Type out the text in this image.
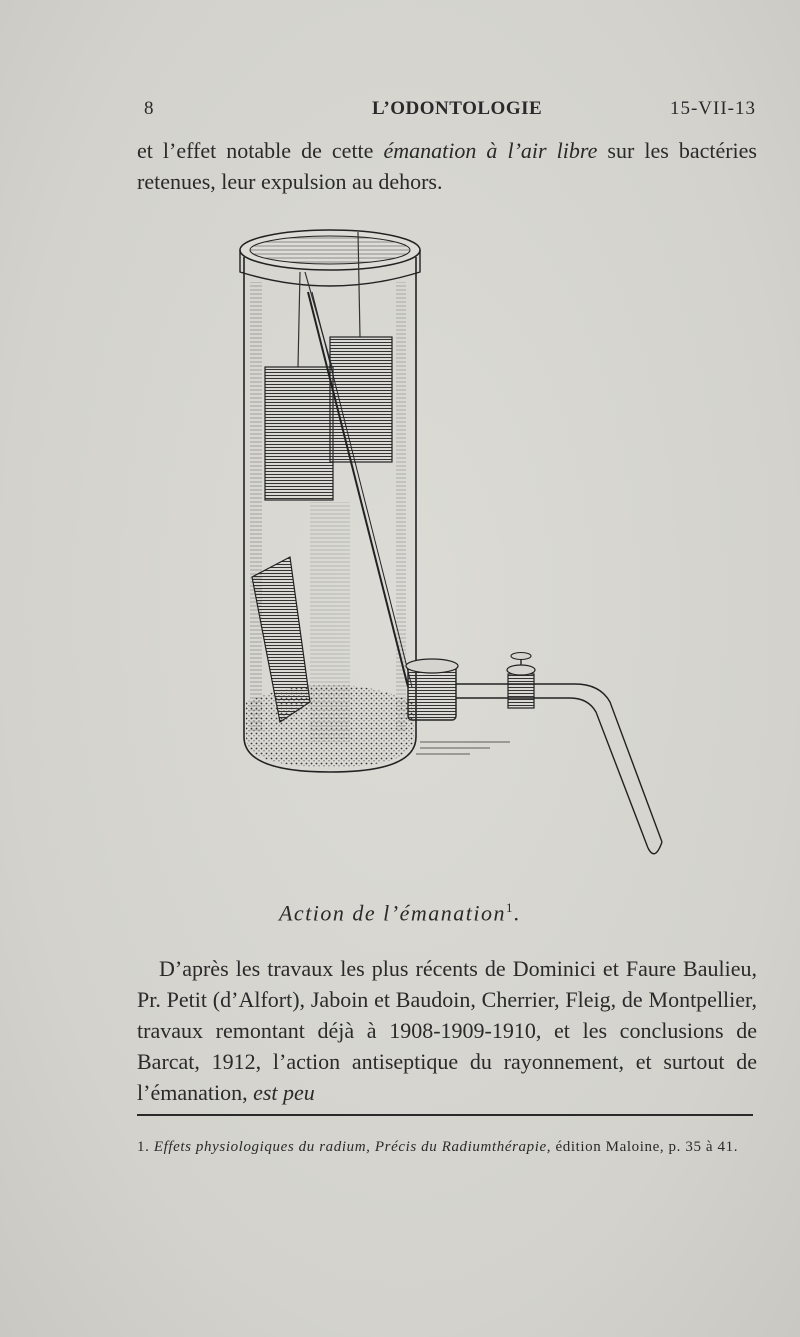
8	L’ODONTOLOGIE	15-VII-13
et l’effet notable de cette émanation à l’air libre sur les bactéries retenues, leur expulsion au dehors.
Action de l’émanation$^1$.
D’après les travaux les plus récents de Dominici et Faure Baulieu, Pr. Petit (d’Alfort), Jaboin et Baudoin, Cherrier, Fleig, de Montpellier, travaux remontant déjà à 1908-1909-1910, et les conclusions de Barcat, 1912, l’action antiseptique du rayonnement, et surtout de l’émanation, est peu
1. Effets physiologiques du radium, Précis du Radiumthérapie, édition Maloine, p. 35 à 41.
